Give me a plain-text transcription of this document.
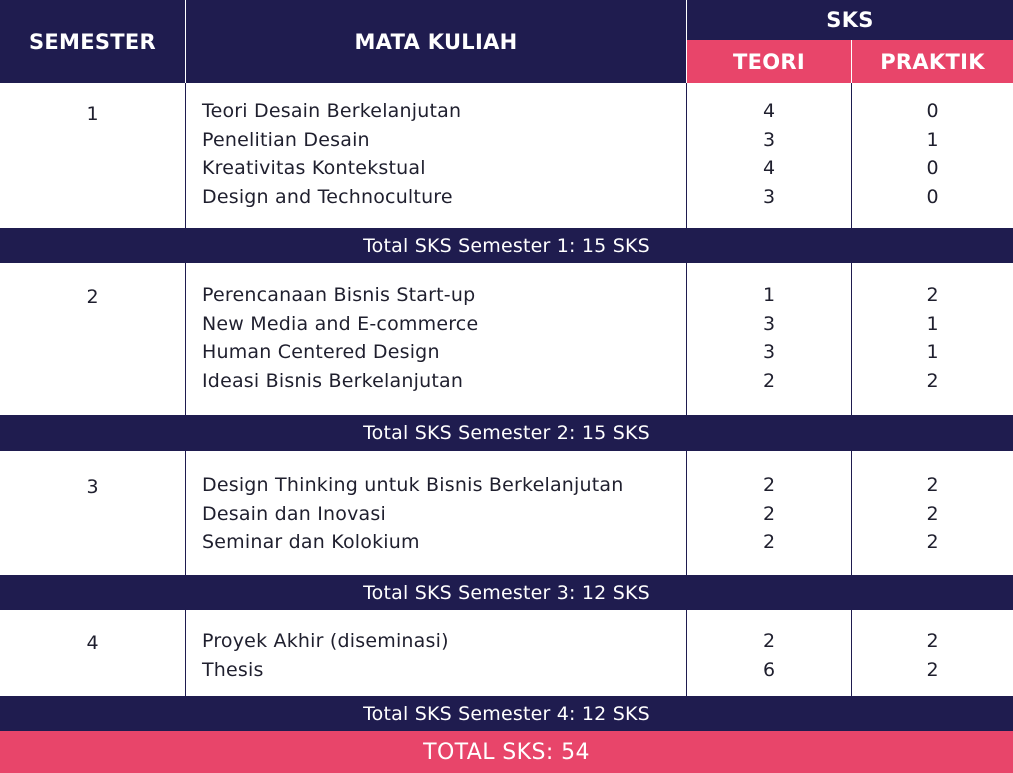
SEMESTER	MATA KULIAH
SKS
TEORI	PRAKTIK
1	Teori Desain Berkelanjutan	4	0
Penelitian Desain	3	1
Kreativitas Kontekstual	4	0
Design and Technoculture	3	0
Total SKS Semester 1: 15 SKS
2	Perencanaan Bisnis Start-up	1	2
New Media and E-commerce	3	1
Human Centered Design	3	1
Ideasi Bisnis Berkelanjutan	2	2
Total SKS Semester 2: 15 SKS
3	Design Thinking untuk Bisnis Berkelanjutan	2	2
Desain dan Inovasi	2	2
Seminar dan Kolokium	2	2
Total SKS Semester 3: 12 SKS
4	Proyek Akhir (diseminasi)	2	2
Thesis	6	2
Total SKS Semester 4: 12 SKS
TOTAL SKS: 54
